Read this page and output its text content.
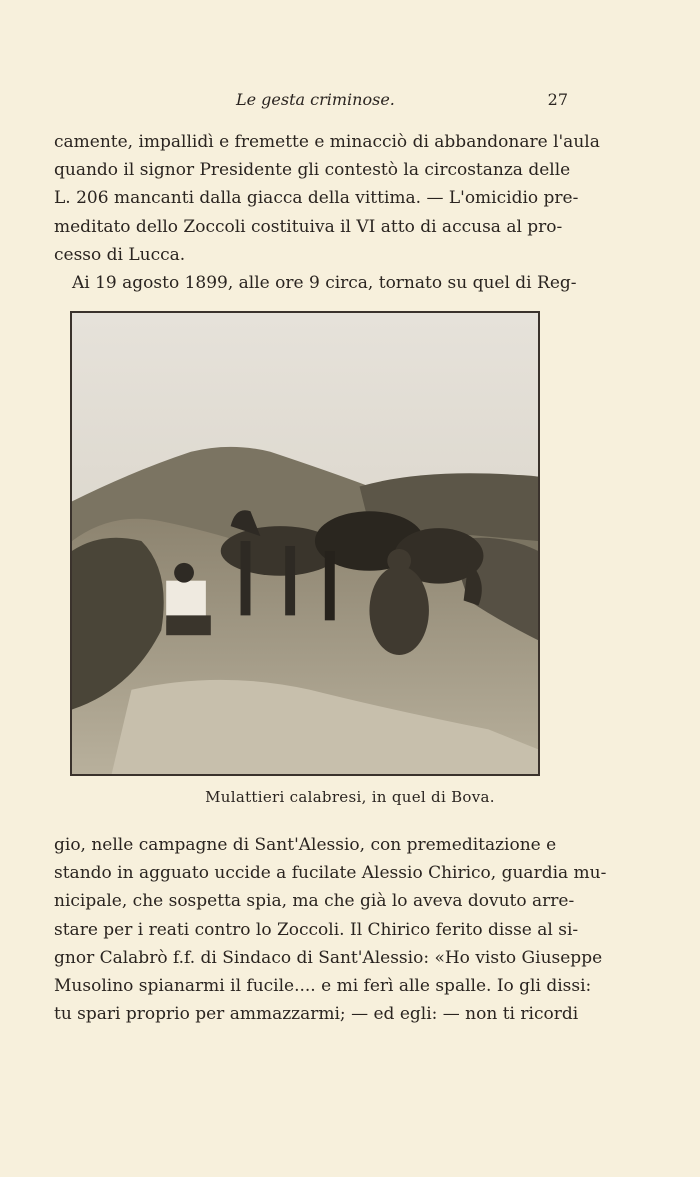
Le gesta criminose.	27
camente, impallidì e fremette e minacciò di abbandonare l'aula
quando il signor Presidente gli contestò la circostanza delle
L. 206 mancanti dalla giacca della vittima. — L'omicidio pre-
meditato dello Zoccoli costituiva il VI atto di accusa al pro-
cesso di Lucca.
Ai 19 agosto 1899, alle ore 9 circa, tornato su quel di Reg-
Mulattieri calabresi, in quel di Bova.
gio, nelle campagne di Sant'Alessio, con premeditazione e
stando in agguato uccide a fucilate Alessio Chirico, guardia mu-
nicipale, che sospetta spia, ma che già lo aveva dovuto arre-
stare per i reati contro lo Zoccoli. Il Chirico ferito disse al si-
gnor Calabrò f.f. di Sindaco di Sant'Alessio: «Ho visto Giuseppe
Musolino spianarmi il fucile.... e mi ferì alle spalle. Io gli dissi:
tu spari proprio per ammazzarmi; — ed egli: — non ti ricordi
